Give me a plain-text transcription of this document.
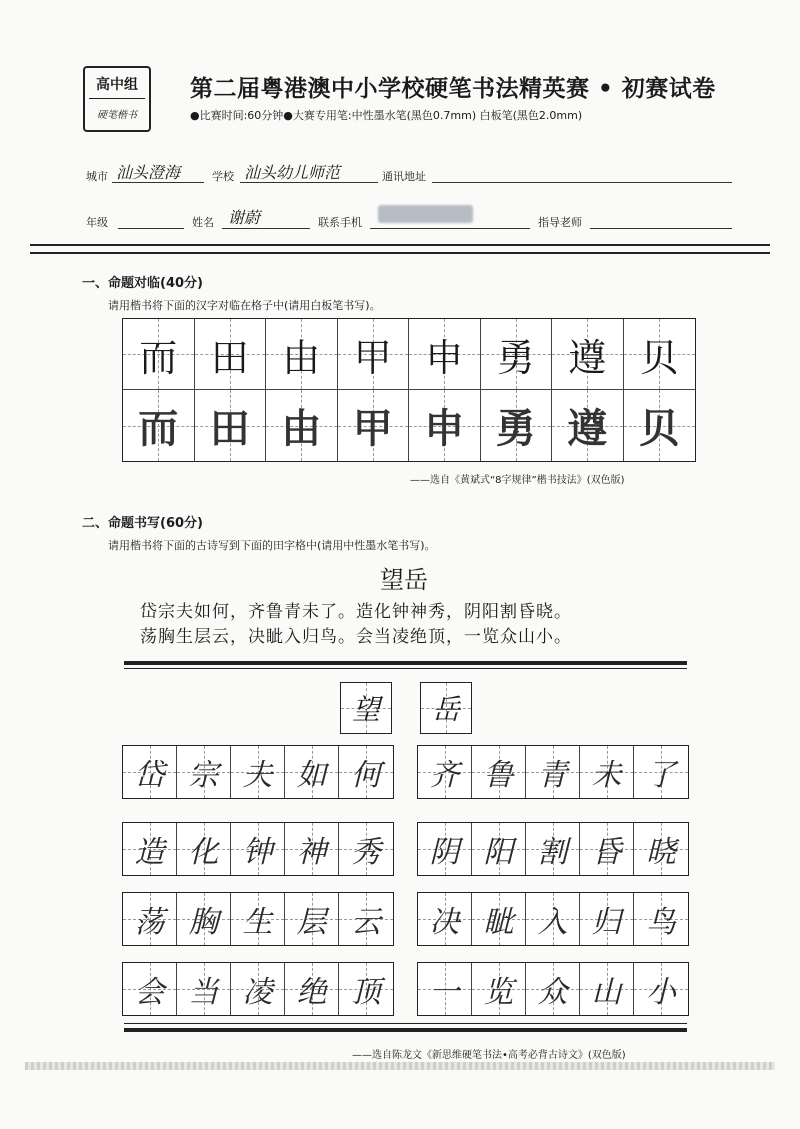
高中组
硬笔楷书
第二届粤港澳中小学校硬笔书法精英赛 • 初赛试卷
●比赛时间:60分钟●大赛专用笔:中性墨水笔(黑色0.7mm) 白板笔(黑色2.0mm)
城市 汕头澄海	学校 汕头幼儿师范	通讯地址
年级	姓名 谢蔚	联系手机	指导老师
一、命题对临(40分)
请用楷书将下面的汉字对临在格子中(请用白板笔书写)。
而 田 由 甲 申 勇 遵 贝
而 田 由 甲 申 勇 遵 贝
——选自《黄斌式“8字规律”楷书技法》(双色版)
二、命题书写(60分)
请用楷书将下面的古诗写到下面的田字格中(请用中性墨水笔书写)。
望岳
岱宗夫如何，齐鲁青未了。造化钟神秀，阴阳割昏晓。
荡胸生层云，决眦入归鸟。会当凌绝顶，一览众山小。
望 岳
岱 宗 夫 如 何 齐 鲁 青 未 了
造 化 钟 神 秀 阴 阳 割 昏 晓
荡 胸 生 层 云 决 眦 入 归 鸟
会 当 凌 绝 顶 一 览 众 山 小
——选自陈龙文《新思维硬笔书法•高考必背古诗文》(双色版)
